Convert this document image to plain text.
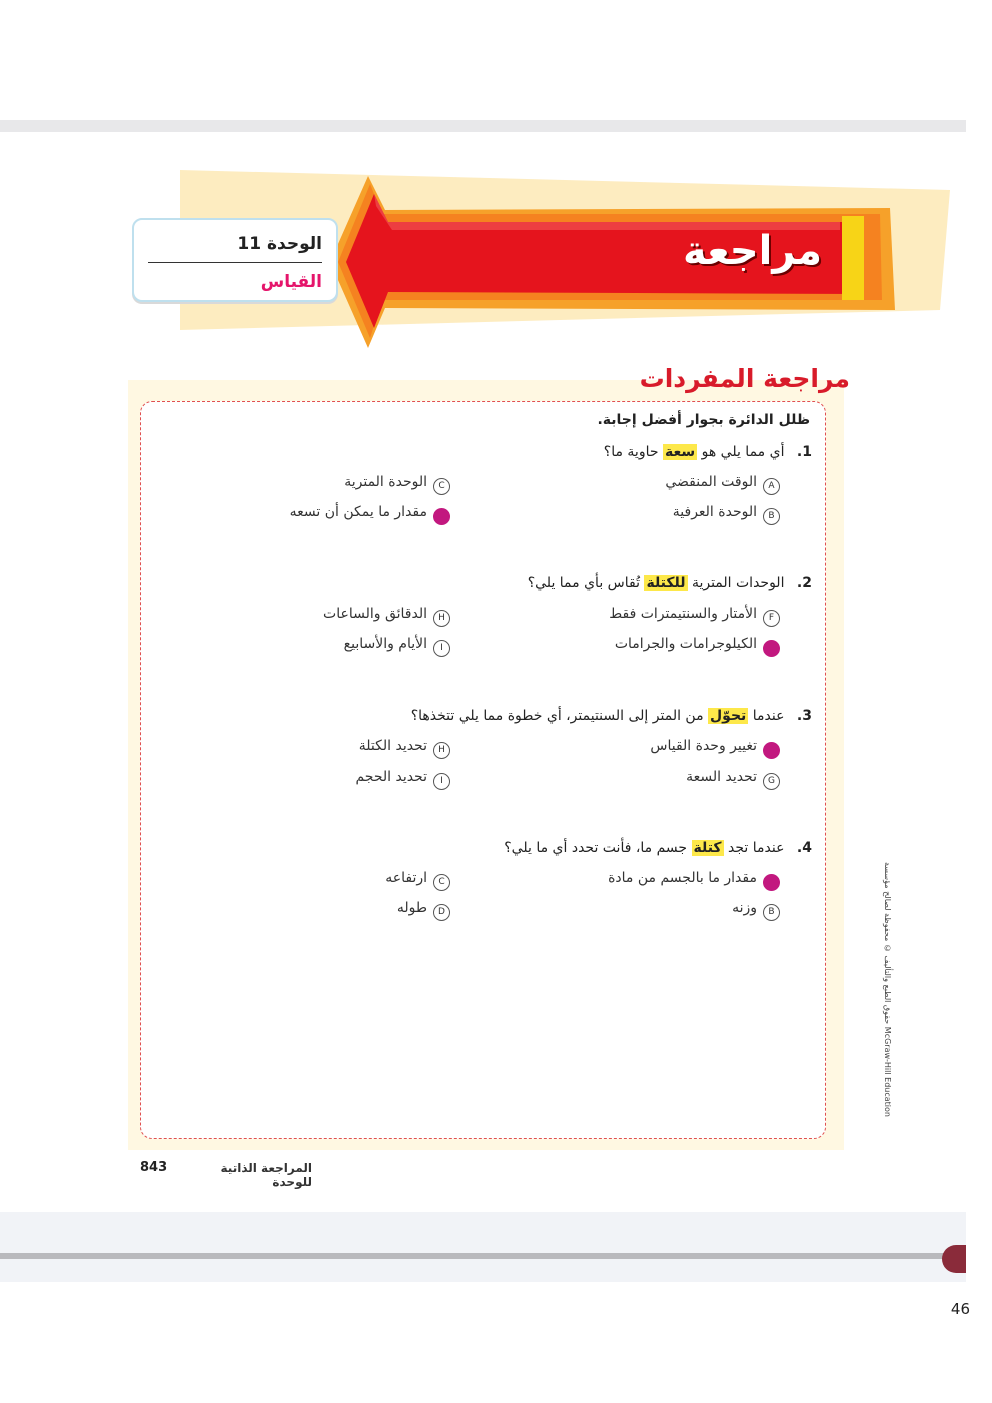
مراجعة
الوحدة 11
القياس
مراجعة المفردات
ظلل الدائرة بجوار أفضل إجابة.
1. أي مما يلي هو سعة حاوية ما؟
Aالوقت المنقضي
Cالوحدة المترية
Bالوحدة العرفية
Dمقدار ما يمكن أن تسعه
2. الوحدات المترية للكتلة تُقاس بأي مما يلي؟
Fالأمتار والسنتيمترات فقط
Hالدقائق والساعات
Gالكيلوجرامات والجرامات
Iالأيام والأسابيع
3. عندما تحوّل من المتر إلى السنتيمتر، أي خطوة مما يلي تتخذها؟
Fتغيير وحدة القياس
Hتحديد الكتلة
Gتحديد السعة
Iتحديد الحجم
4. عندما تجد كتلة جسم ما، فأنت تحدد أي ما يلي؟
Aمقدار ما بالجسم من مادة
Cارتفاعه
Bوزنه
Dطوله	حقوق الطبع والتأليف © محفوظة لصالح مؤسسة McGraw-Hill Education
المراجعة الذاتية للوحدة
843
46
